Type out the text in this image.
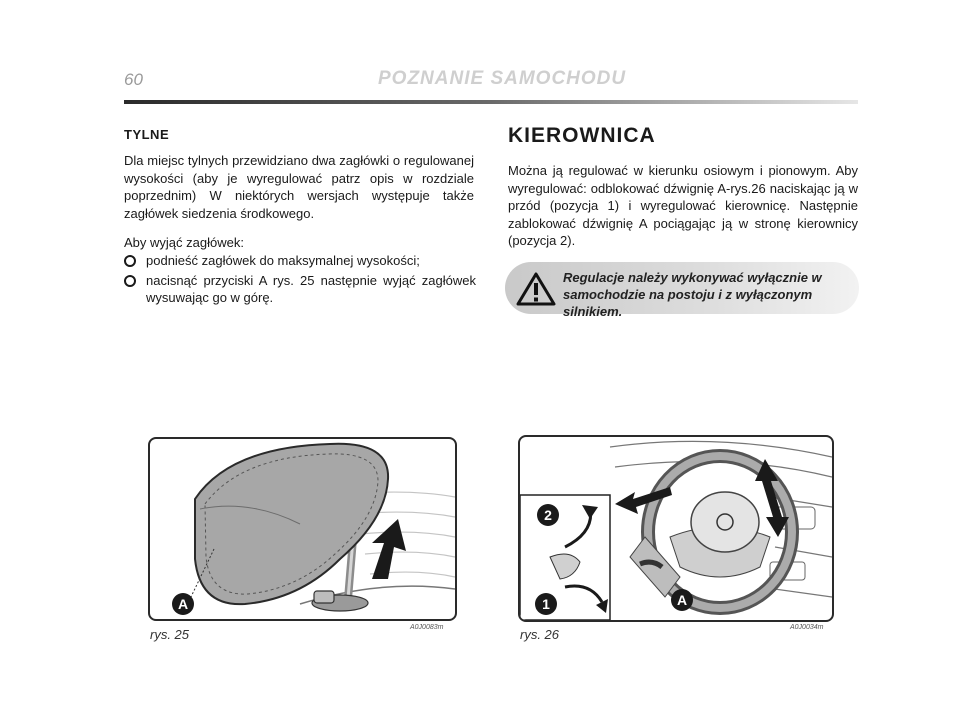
60	POZNANIE SAMOCHODU
TYLNE
Dla miejsc tylnych przewidziano dwa zagłówki o regulowanej wysokości (aby je wyregulować patrz opis w rozdziale poprzednim) W niektórych wersjach występuje także zagłówek siedzenia środkowego.
Aby wyjąć zagłówek:
podnieść zagłówek do maksymalnej wysokości;
nacisnąć przyciski A rys. 25 następnie wyjąć zagłówek wysuwając go w górę.
KIEROWNICA
Można ją regulować w kierunku osiowym i pionowym. Aby wyregulować: odblokować dźwignię A-rys.26 naciskając ją w przód (pozycja 1) i wyregulować kierownicę. Następnie zablokować dźwignię A pociągając ją w stronę kierownicy (pozycja 2).
Regulacje należy wykonywać wyłącznie w samochodzie na postoju i z wyłączonym silnikiem.
A
rys. 25	A0J0083m
2
1	A
rys. 26	A0J0034m
